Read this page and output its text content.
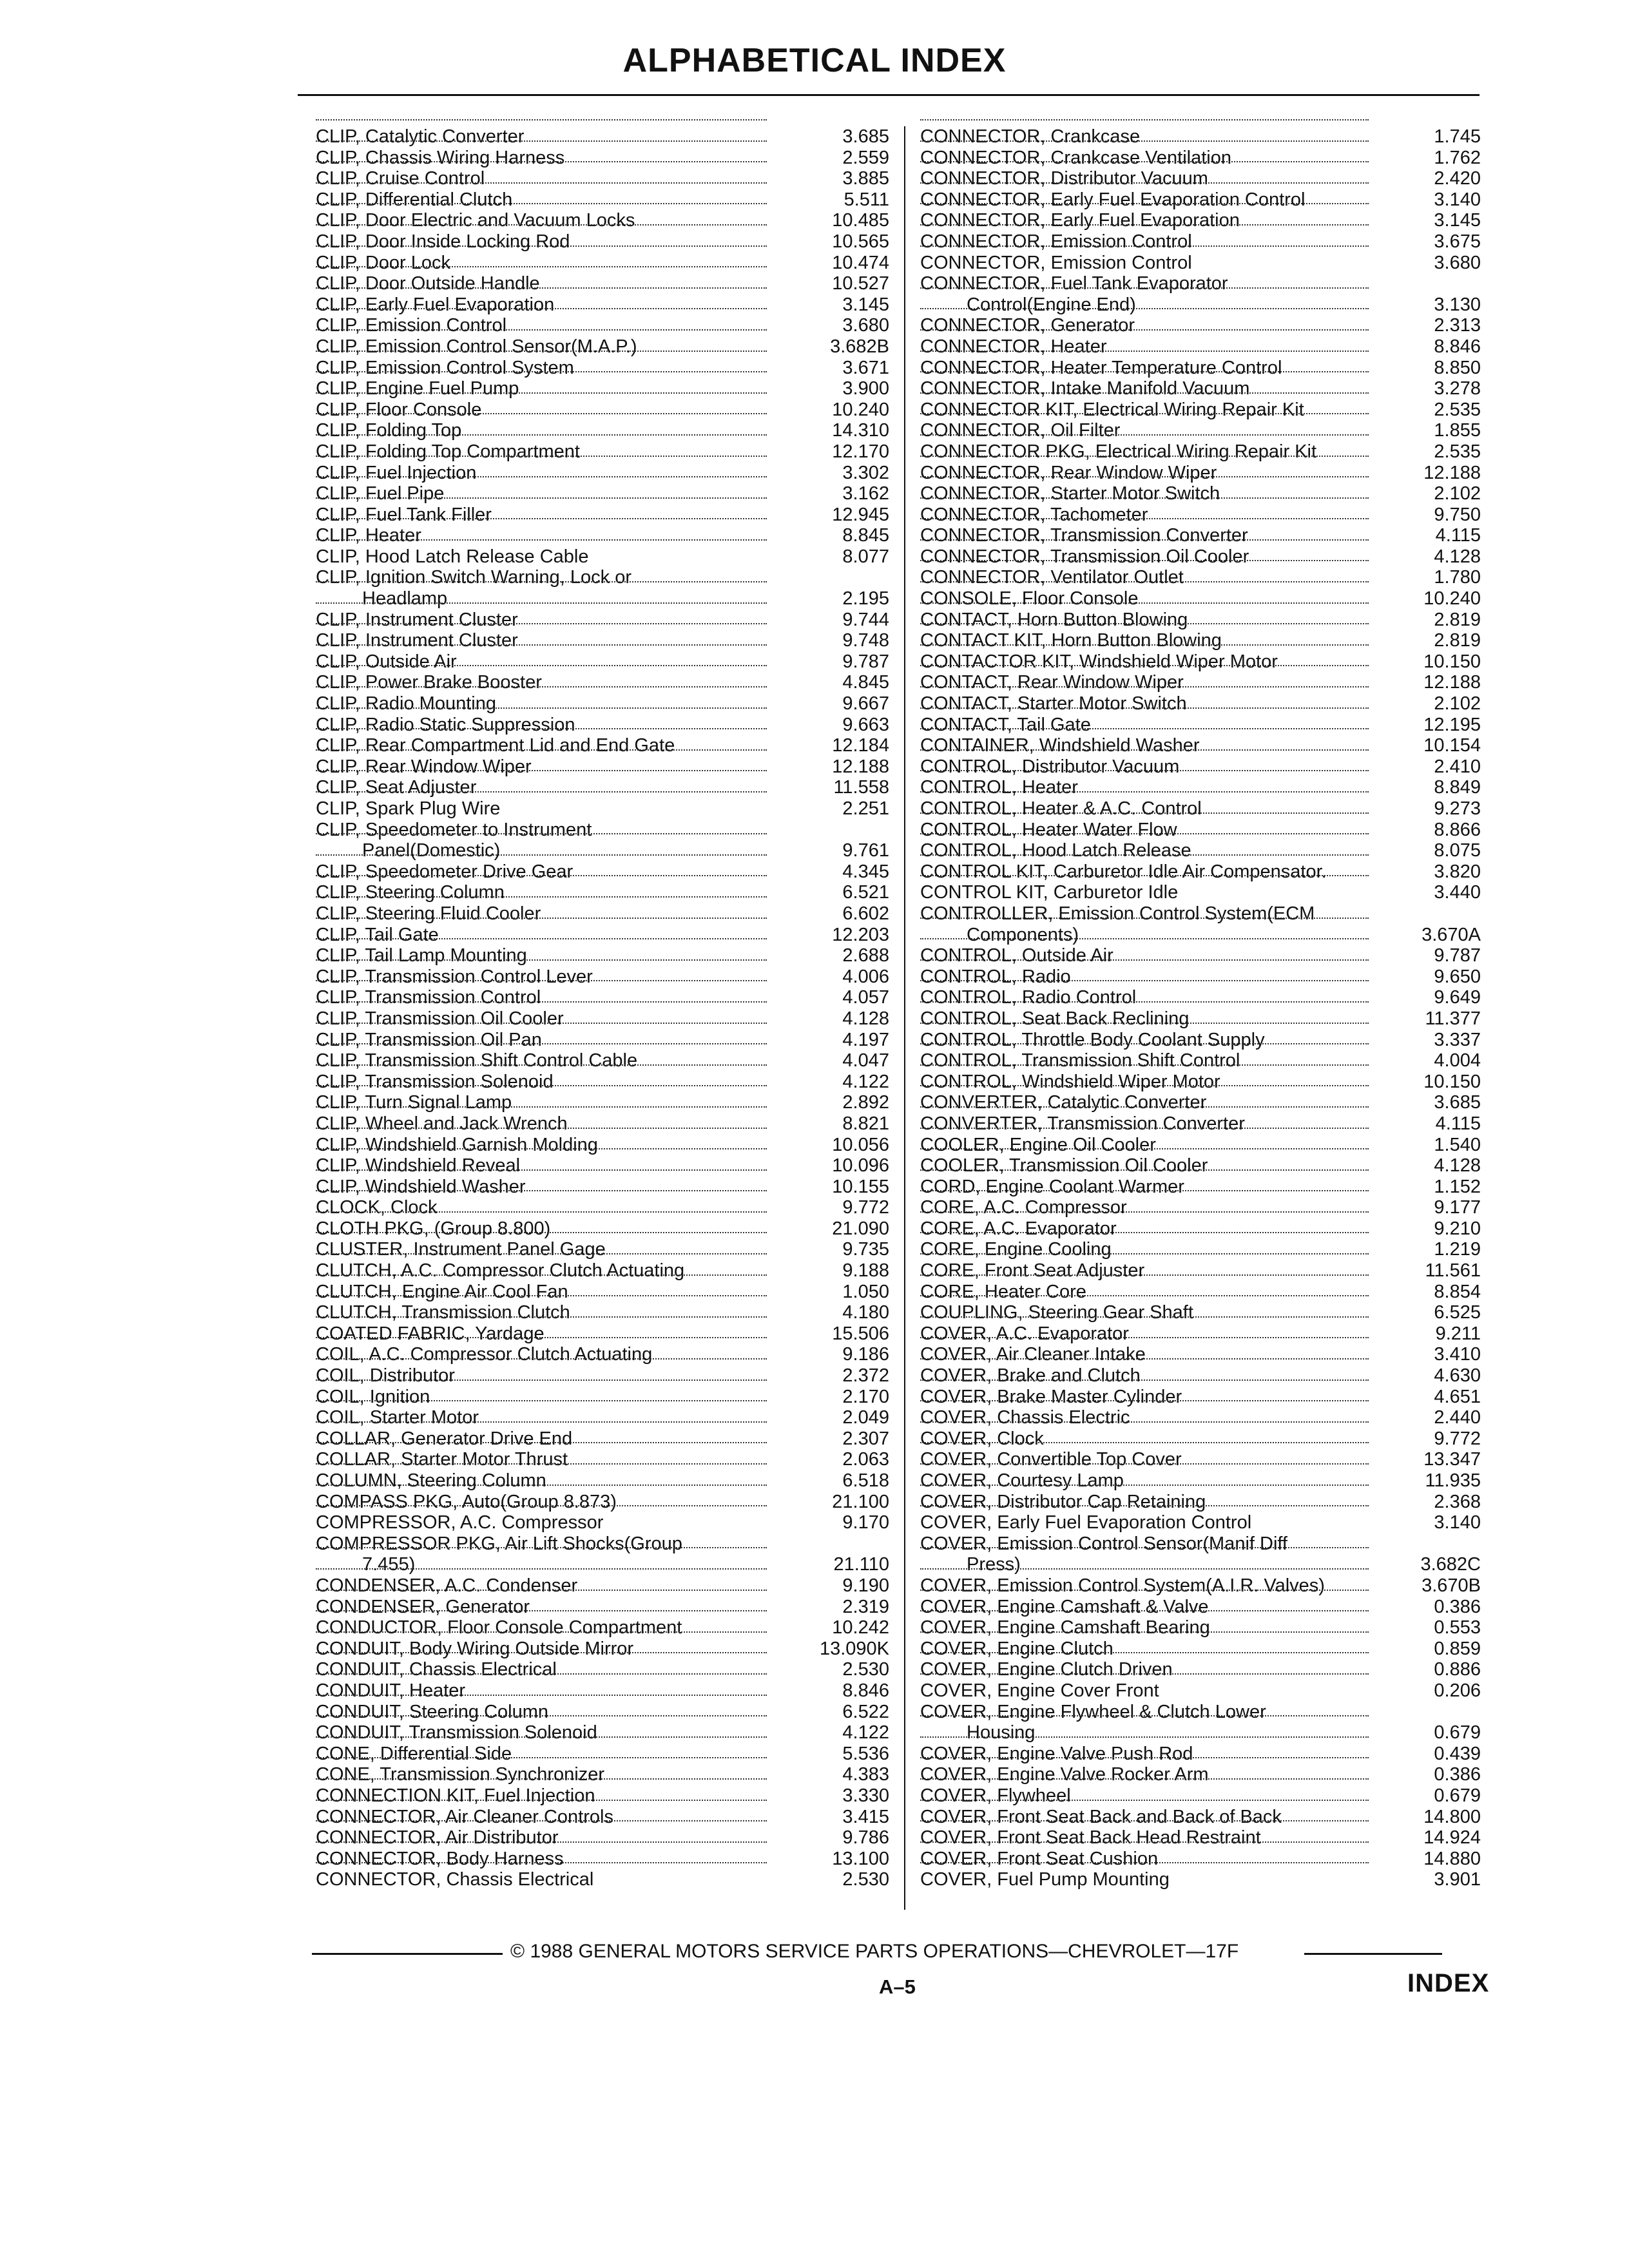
ALPHABETICAL INDEX
CLIP, Catalytic Converter	3.685
CLIP, Chassis Wiring Harness	2.559
CLIP, Cruise Control	3.885
CLIP, Differential Clutch	5.511
CLIP, Door Electric and Vacuum Locks	10.485
CLIP, Door Inside Locking Rod	10.565
CLIP, Door Lock	10.474
CLIP, Door Outside Handle	10.527
CLIP, Early Fuel Evaporation	3.145
CLIP, Emission Control	3.680
CLIP, Emission Control Sensor(M.A.P.)	3.682B
CLIP, Emission Control System	3.671
CLIP, Engine Fuel Pump	3.900
CLIP, Floor Console	10.240
CLIP, Folding Top	14.310
CLIP, Folding Top Compartment	12.170
CLIP, Fuel Injection	3.302
CLIP, Fuel Pipe	3.162
CLIP, Fuel Tank Filler	12.945
CLIP, Heater	8.845
CLIP, Hood Latch Release Cable	8.077
CLIP, Ignition Switch Warning, Lock or
Headlamp	2.195
CLIP, Instrument Cluster	9.744
CLIP, Instrument Cluster	9.748
CLIP, Outside Air	9.787
CLIP, Power Brake Booster	4.845
CLIP, Radio Mounting	9.667
CLIP, Radio Static Suppression	9.663
CLIP, Rear Compartment Lid and End Gate	12.184
CLIP, Rear Window Wiper	12.188
CLIP, Seat Adjuster	11.558
CLIP, Spark Plug Wire	2.251
CLIP, Speedometer to Instrument
Panel(Domestic)	9.761
CLIP, Speedometer Drive Gear	4.345
CLIP, Steering Column	6.521
CLIP, Steering Fluid Cooler	6.602
CLIP, Tail Gate	12.203
CLIP, Tail Lamp Mounting	2.688
CLIP, Transmission Control Lever	4.006
CLIP, Transmission Control	4.057
CLIP, Transmission Oil Cooler	4.128
CLIP, Transmission Oil Pan	4.197
CLIP, Transmission Shift Control Cable	4.047
CLIP, Transmission Solenoid	4.122
CLIP, Turn Signal Lamp	2.892
CLIP, Wheel and Jack Wrench	8.821
CLIP, Windshield Garnish Molding	10.056
CLIP, Windshield Reveal	10.096
CLIP, Windshield Washer	10.155
CLOCK, Clock	9.772
CLOTH PKG, (Group 8.800)	21.090
CLUSTER, Instrument Panel Gage	9.735
CLUTCH, A.C. Compressor Clutch Actuating	9.188
CLUTCH, Engine Air Cool Fan	1.050
CLUTCH, Transmission Clutch	4.180
COATED FABRIC, Yardage	15.506
COIL, A.C. Compressor Clutch Actuating	9.186
COIL, Distributor	2.372
COIL, Ignition	2.170
COIL, Starter Motor	2.049
COLLAR, Generator Drive End	2.307
COLLAR, Starter Motor Thrust	2.063
COLUMN, Steering Column	6.518
COMPASS PKG, Auto(Group 8.873)	21.100
COMPRESSOR, A.C. Compressor	9.170
COMPRESSOR PKG, Air Lift Shocks(Group
7.455)	21.110
CONDENSER, A.C. Condenser	9.190
CONDENSER, Generator	2.319
CONDUCTOR, Floor Console Compartment	10.242
CONDUIT, Body Wiring Outside Mirror	13.090K
CONDUIT, Chassis Electrical	2.530
CONDUIT, Heater	8.846
CONDUIT, Steering Column	6.522
CONDUIT, Transmission Solenoid	4.122
CONE, Differential Side	5.536
CONE, Transmission Synchronizer	4.383
CONNECTION KIT, Fuel Injection	3.330
CONNECTOR, Air Cleaner Controls	3.415
CONNECTOR, Air Distributor	9.786
CONNECTOR, Body Harness	13.100
CONNECTOR, Chassis Electrical	2.530
CONNECTOR, Crankcase	1.745
CONNECTOR, Crankcase Ventilation	1.762
CONNECTOR, Distributor Vacuum	2.420
CONNECTOR, Early Fuel Evaporation Control	3.140
CONNECTOR, Early Fuel Evaporation	3.145
CONNECTOR, Emission Control	3.675
CONNECTOR, Emission Control	3.680
CONNECTOR, Fuel Tank Evaporator
Control(Engine End)	3.130
CONNECTOR, Generator	2.313
CONNECTOR, Heater	8.846
CONNECTOR, Heater Temperature Control	8.850
CONNECTOR, Intake Manifold Vacuum	3.278
CONNECTOR KIT, Electrical Wiring Repair Kit	2.535
CONNECTOR, Oil Filter	1.855
CONNECTOR PKG, Electrical Wiring Repair Kit	2.535
CONNECTOR, Rear Window Wiper	12.188
CONNECTOR, Starter Motor Switch	2.102
CONNECTOR, Tachometer	9.750
CONNECTOR, Transmission Converter	4.115
CONNECTOR, Transmission Oil Cooler	4.128
CONNECTOR, Ventilator Outlet	1.780
CONSOLE, Floor Console	10.240
CONTACT, Horn Button Blowing	2.819
CONTACT KIT, Horn Button Blowing	2.819
CONTACTOR KIT, Windshield Wiper Motor	10.150
CONTACT, Rear Window Wiper	12.188
CONTACT, Starter Motor Switch	2.102
CONTACT, Tail Gate	12.195
CONTAINER, Windshield Washer	10.154
CONTROL, Distributor Vacuum	2.410
CONTROL, Heater	8.849
CONTROL, Heater & A.C. Control	9.273
CONTROL, Heater Water Flow	8.866
CONTROL, Hood Latch Release	8.075
CONTROL KIT, Carburetor Idle Air Compensator.	3.820
CONTROL KIT, Carburetor Idle	3.440
CONTROLLER, Emission Control System(ECM
Components)	3.670A
CONTROL, Outside Air	9.787
CONTROL, Radio	9.650
CONTROL, Radio Control	9.649
CONTROL, Seat Back Reclining	11.377
CONTROL, Throttle Body Coolant Supply	3.337
CONTROL, Transmission Shift Control	4.004
CONTROL, Windshield Wiper Motor	10.150
CONVERTER, Catalytic Converter	3.685
CONVERTER, Transmission Converter	4.115
COOLER, Engine Oil Cooler	1.540
COOLER, Transmission Oil Cooler	4.128
CORD, Engine Coolant Warmer	1.152
CORE, A.C. Compressor	9.177
CORE, A.C. Evaporator	9.210
CORE, Engine Cooling	1.219
CORE, Front Seat Adjuster	11.561
CORE, Heater Core	8.854
COUPLING, Steering Gear Shaft	6.525
COVER, A.C. Evaporator	9.211
COVER, Air Cleaner Intake	3.410
COVER, Brake and Clutch	4.630
COVER, Brake Master Cylinder	4.651
COVER, Chassis Electric	2.440
COVER, Clock	9.772
COVER, Convertible Top Cover	13.347
COVER, Courtesy Lamp	11.935
COVER, Distributor Cap Retaining	2.368
COVER, Early Fuel Evaporation Control	3.140
COVER, Emission Control Sensor(Manif Diff
Press)	3.682C
COVER, Emission Control System(A.I.R. Valves)	3.670B
COVER, Engine Camshaft & Valve	0.386
COVER, Engine Camshaft Bearing	0.553
COVER, Engine Clutch	0.859
COVER, Engine Clutch Driven	0.886
COVER, Engine Cover Front	0.206
COVER, Engine Flywheel & Clutch Lower
Housing	0.679
COVER, Engine Valve Push Rod	0.439
COVER, Engine Valve Rocker Arm	0.386
COVER, Flywheel	0.679
COVER, Front Seat Back and Back of Back	14.800
COVER, Front Seat Back Head Restraint	14.924
COVER, Front Seat Cushion	14.880
COVER, Fuel Pump Mounting	3.901
© 1988 GENERAL MOTORS SERVICE PARTS OPERATIONS—CHEVROLET—17F
A–5	INDEX
